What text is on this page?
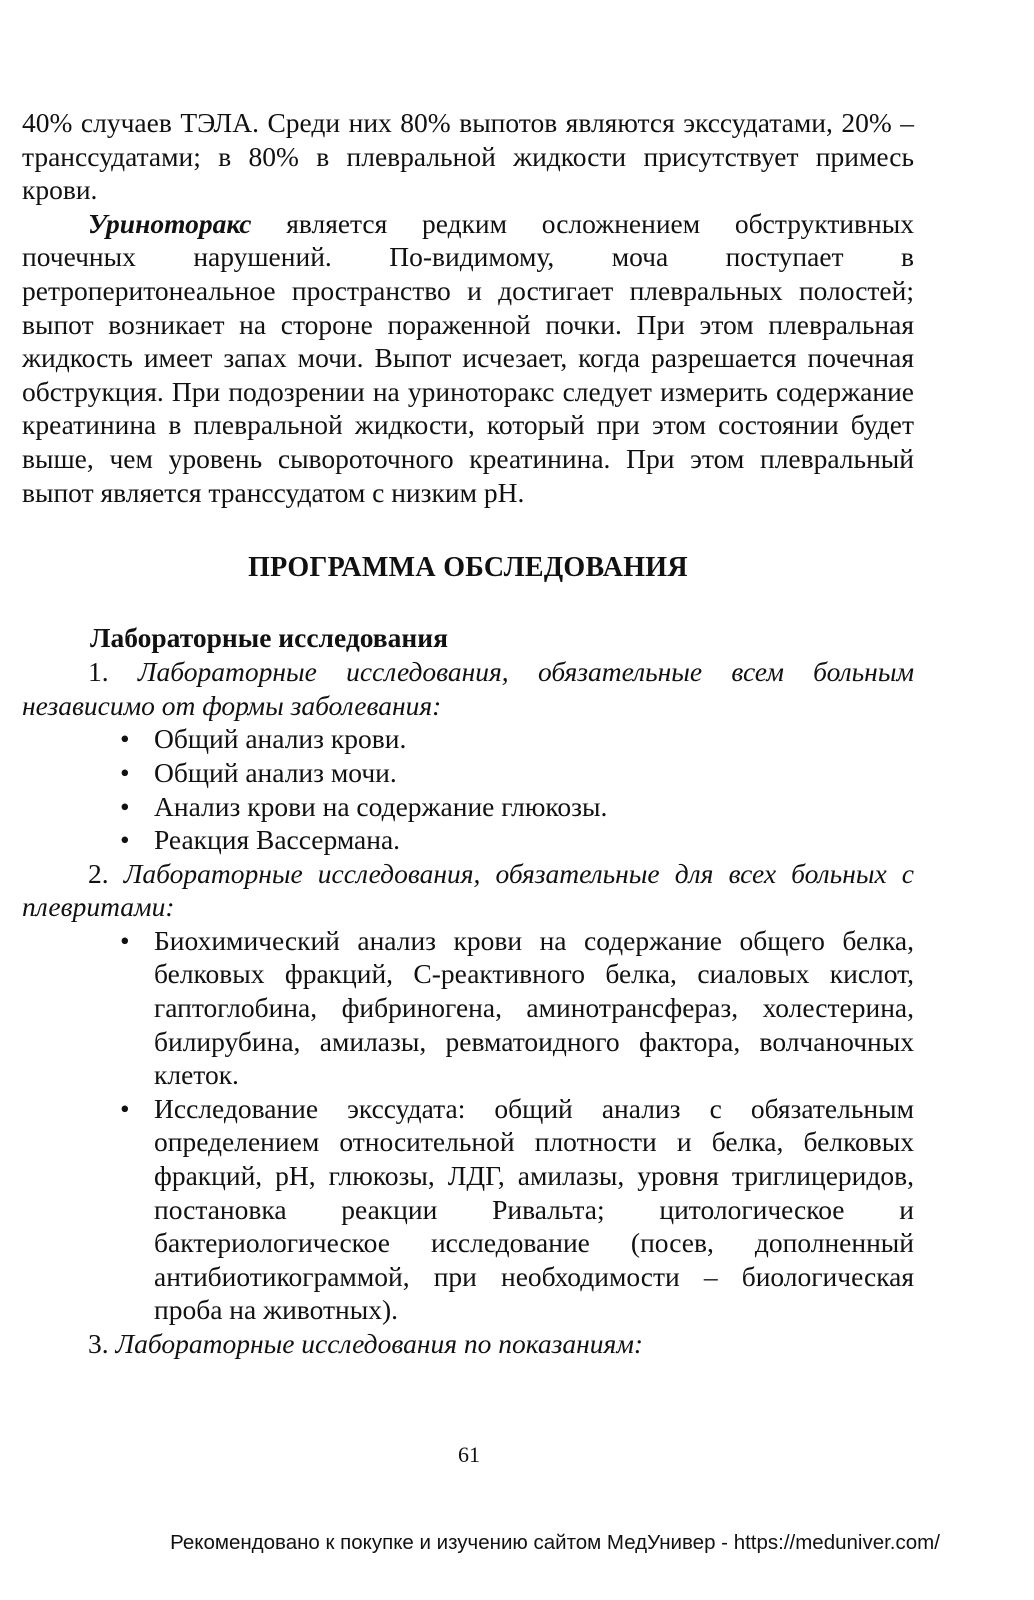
40% случаев ТЭЛА. Среди них 80% выпотов являются экссудатами, 20% – транссудатами; в 80% в плевральной жидкости присутствует примесь крови.

Уриноторакс является редким осложнением обструктивных почечных нарушений. По-видимому, моча поступает в ретроперитонеальное пространство и достигает плевральных полостей; выпот возникает на стороне пораженной почки. При этом плевральная жидкость имеет запах мочи. Выпот исчезает, когда разрешается почечная обструкция. При подозрении на уриноторакс следует измерить содержание креатинина в плевральной жидкости, который при этом состоянии будет выше, чем уровень сывороточного креатинина. При этом плевральный выпот является транссудатом с низким pH.

ПРОГРАММА ОБСЛЕДОВАНИЯ
Лабораторные исследования

1. Лабораторные исследования, обязательные всем больным независимо от формы заболевания:

• Общий анализ крови.
• Общий анализ мочи.
• Анализ крови на содержание глюкозы.
• Реакция Вассермана.

2. Лабораторные исследования, обязательные для всех больных с плевритами:

• Биохимический анализ крови на содержание общего белка, белковых фракций, С-реактивного белка, сиаловых кислот, гаптоглобина, фибриногена, аминотрансфераз, холестерина, билирубина, амилазы, ревматоидного фактора, волчаночных клеток.
• Исследование экссудата: общий анализ с обязательным определением относительной плотности и белка, белковых фракций, pH, глюкозы, ЛДГ, амилазы, уровня триглицеридов, постановка реакции Ривальта; цитологическое и бактериологическое исследование (посев, дополненный антибиотикограммой, при необходимости – биологическая проба на животных).

3. Лабораторные исследования по показаниям:

61
Рекомендовано к покупке и изучению сайтом МедУнивер - https://meduniver.com/
